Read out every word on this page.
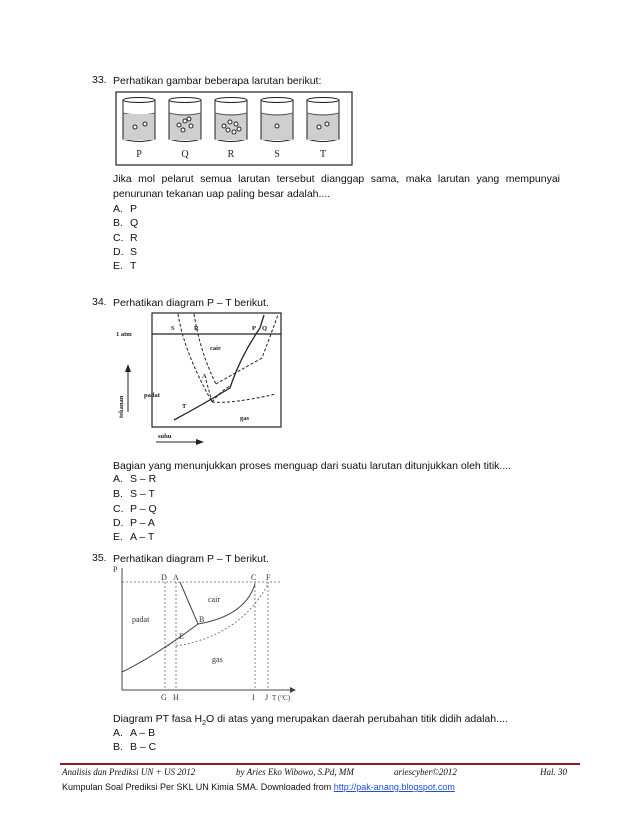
33. Perhatikan gambar beberapa larutan berikut:
P	Q	R	S	T
Jika mol pelarut semua larutan tersebut dianggap sama, maka larutan yang mempunyai penurunan tekanan uap paling besar adalah....
A. P
B. Q
C. R
D. S
E. T
34. Perhatikan diagram P – T berikut.
1 atm
tekanan
suhu
cair
padat
gas
S	R	P Q
A
T
Bagian yang menunjukkan proses menguap dari suatu larutan ditunjukkan oleh titik....
A. S – R
B. S – T
C. P – Q
D. P – A
E. A – T
35. Perhatikan diagram P – T berikut.
P
D A	C F
cair
padat
gas
B
E
G H	I J T (°C)
Diagram PT fasa $H_2O$ di atas yang merupakan daerah perubahan titik didih adalah....
A. A – B
B. B – C
Analisis dan Prediksi UN + US 2012	by Aries Eko Wibowo, S.Pd, MM	ariescyber©2012	Hal. 30
Kumpulan Soal Prediksi Per SKL UN Kimia SMA. Downloaded from http://pak-anang.blogspot.com
